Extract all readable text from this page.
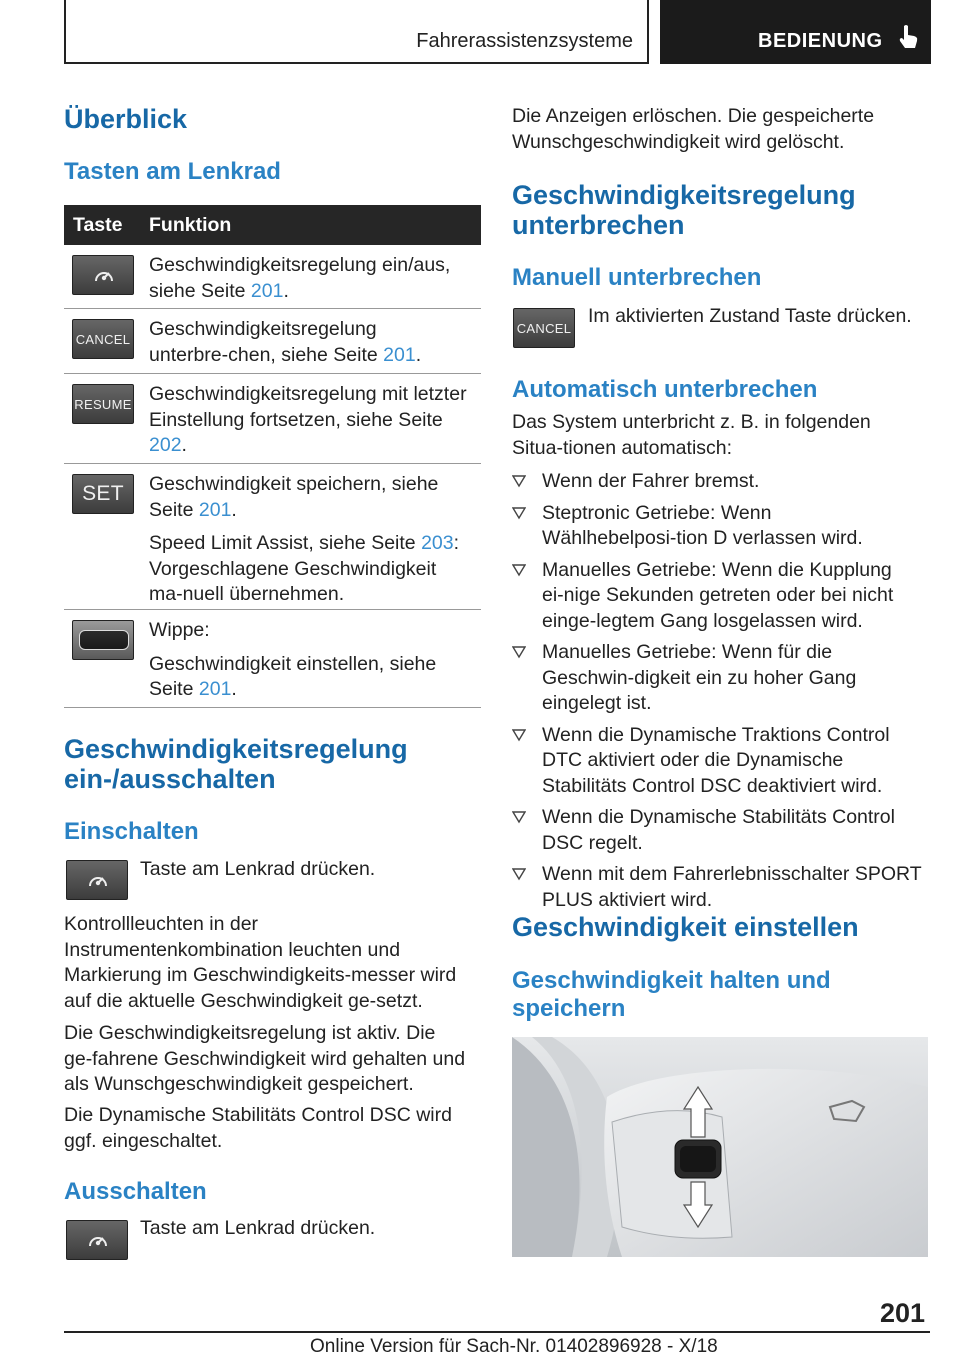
Fahrerassistenzsysteme	BEDIENUNG
Überblick
Tasten am Lenkrad
Taste Funktion

Geschwindigkeitsregelung ein/aus, siehe Seite 201.

CANCEL Geschwindigkeitsregelung unterbre‑chen, siehe Seite 201.

RESUME Geschwindigkeitsregelung mit letzter Einstellung fortsetzen, siehe Seite 202.

SET	Geschwindigkeit speichern, siehe Seite 201.

Speed Limit Assist, siehe Seite 203: Vorgeschlagene Geschwindigkeit ma‑nuell übernehmen.

Wippe:

Geschwindigkeit einstellen, siehe Seite 201.

Geschwindigkeitsregelung ein‑/ausschalten
Einschalten
Taste am Lenkrad drücken.
Kontrollleuchten in der Instrumentenkombination leuchten und Markierung im Geschwindigkeits‑messer wird auf die aktuelle Geschwindigkeit ge‑setzt.
Die Geschwindigkeitsregelung ist aktiv. Die ge‑fahrene Geschwindigkeit wird gehalten und als Wunschgeschwindigkeit gespeichert.
Die Dynamische Stabilitäts Control DSC wird ggf. eingeschaltet.
Ausschalten
Taste am Lenkrad drücken.
Die Anzeigen erlöschen. Die gespeicherte Wunschgeschwindigkeit wird gelöscht.
Geschwindigkeitsregelung unterbrechen
Manuell unterbrechen
CANCEL
Im aktivierten Zustand Taste drücken.
Automatisch unterbrechen
Das System unterbricht z. B. in folgenden Situa‑tionen automatisch:
Wenn der Fahrer bremst.
Steptronic Getriebe: Wenn Wählhebelposi‑tion D verlassen wird.
Manuelles Getriebe: Wenn die Kupplung ei‑nige Sekunden getreten oder bei nicht einge‑legtem Gang losgelassen wird.
Manuelles Getriebe: Wenn für die Geschwin‑digkeit ein zu hoher Gang eingelegt ist.
Wenn die Dynamische Traktions Control DTC aktiviert oder die Dynamische Stabilitäts Control DSC deaktiviert wird.
Wenn die Dynamische Stabilitäts Control DSC regelt.
Wenn mit dem Fahrerlebnisschalter SPORT PLUS aktiviert wird.
Geschwindigkeit einstellen
Geschwindigkeit halten und speichern
201
Online Version für Sach-Nr. 01402896928 - X/18
